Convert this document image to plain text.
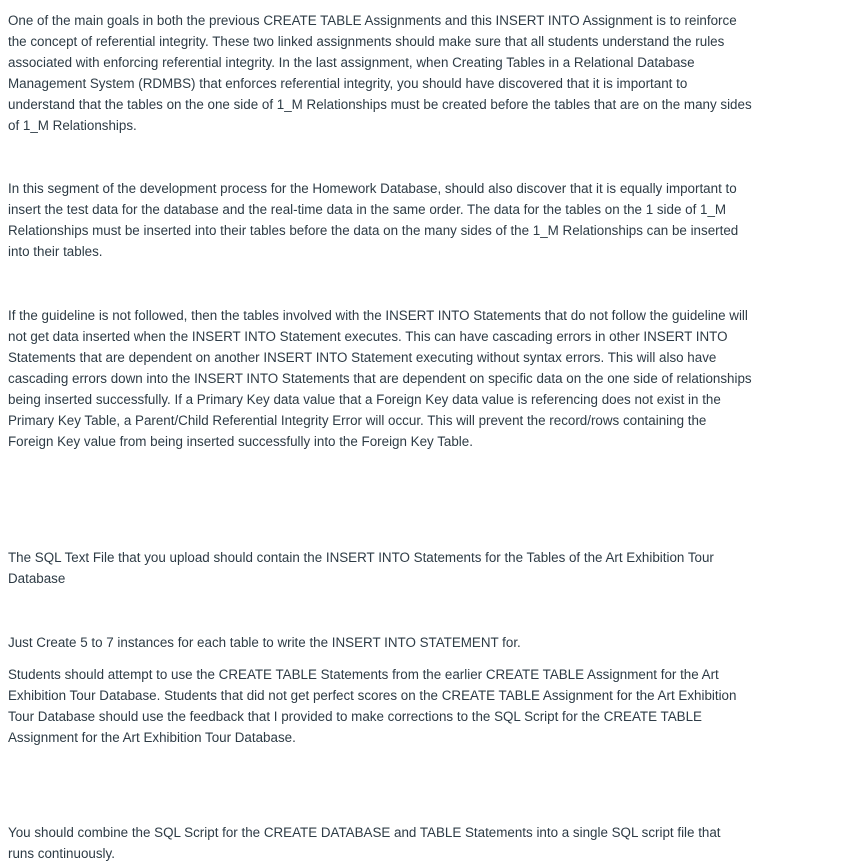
One of the main goals in both the previous CREATE TABLE Assignments and this INSERT INTO Assignment is to reinforce the concept of referential integrity. These two linked assignments should make sure that all students understand the rules associated with enforcing referential integrity. In the last assignment, when Creating Tables in a Relational Database Management System (RDMBS) that enforces referential integrity, you should have discovered that it is important to understand that the tables on the one side of 1_M Relationships must be created before the tables that are on the many sides of 1_M Relationships.

In this segment of the development process for the Homework Database, should also discover that it is equally important to insert the test data for the database and the real-time data in the same order. The data for the tables on the 1 side of 1_M Relationships must be inserted into their tables before the data on the many sides of the 1_M Relationships can be inserted into their tables.

If the guideline is not followed, then the tables involved with the INSERT INTO Statements that do not follow the guideline will not get data inserted when the INSERT INTO Statement executes. This can have cascading errors in other INSERT INTO Statements that are dependent on another INSERT INTO Statement executing without syntax errors. This will also have cascading errors down into the INSERT INTO Statements that are dependent on specific data on the one side of relationships being inserted successfully. If a Primary Key data value that a Foreign Key data value is referencing does not exist in the Primary Key Table, a Parent/Child Referential Integrity Error will occur. This will prevent the record/rows containing the Foreign Key value from being inserted successfully into the Foreign Key Table.

The SQL Text File that you upload should contain the INSERT INTO Statements for the Tables of the Art Exhibition Tour Database

Just Create 5 to 7 instances for each table to write the INSERT INTO STATEMENT for.

Students should attempt to use the CREATE TABLE Statements from the earlier CREATE TABLE Assignment for the Art Exhibition Tour Database. Students that did not get perfect scores on the CREATE TABLE Assignment for the Art Exhibition Tour Database should use the feedback that I provided to make corrections to the SQL Script for the CREATE TABLE Assignment for the Art Exhibition Tour Database.

You should combine the SQL Script for the CREATE DATABASE and TABLE Statements into a single SQL script file that runs continuously.
